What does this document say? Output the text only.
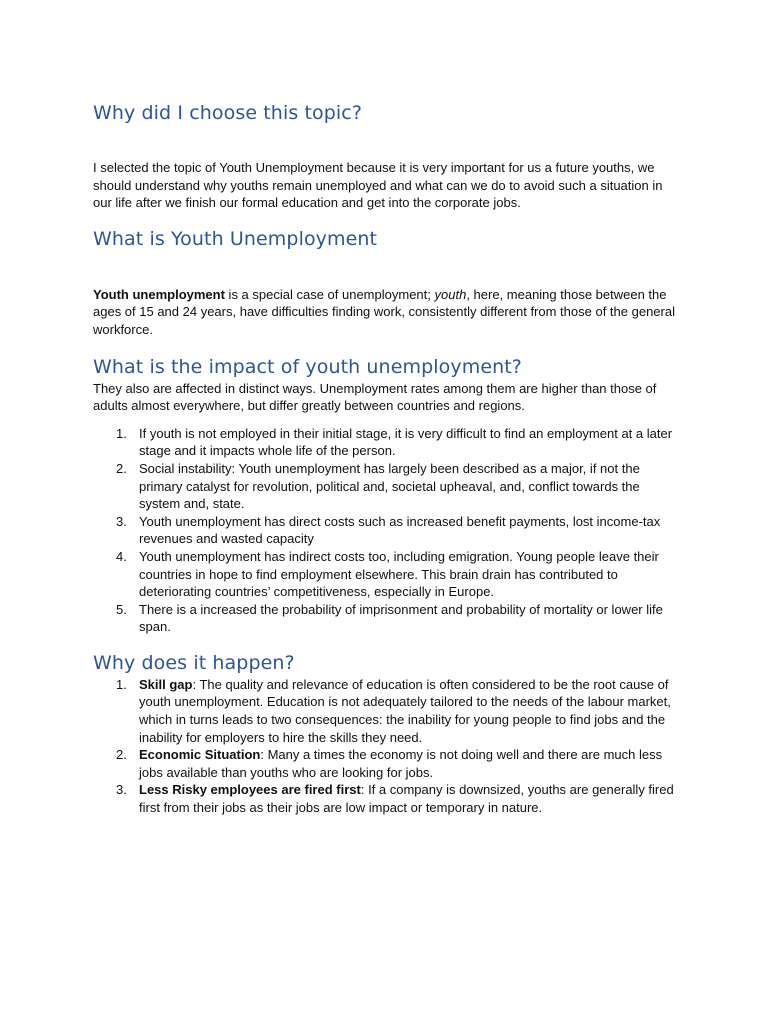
Why did I choose this topic?

I selected the topic of Youth Unemployment because it is very important for us a future youths, we should understand why youths remain unemployed and what can we do to avoid such a situation in our life after we finish our formal education and get into the corporate jobs.

What is Youth Unemployment

Youth unemployment is a special case of unemployment; youth, here, meaning those between the ages of 15 and 24 years, have difficulties finding work, consistently different from those of the general workforce.

What is the impact of youth unemployment?

They also are affected in distinct ways. Unemployment rates among them are higher than those of adults almost everywhere, but differ greatly between countries and regions.

1. If youth is not employed in their initial stage, it is very difficult to find an employment at a later stage and it impacts whole life of the person.
2. Social instability: Youth unemployment has largely been described as a major, if not the primary catalyst for revolution, political and, societal upheaval, and, conflict towards the system and, state.
3. Youth unemployment has direct costs such as increased benefit payments, lost income-tax revenues and wasted capacity
4. Youth unemployment has indirect costs too, including emigration. Young people leave their countries in hope to find employment elsewhere. This brain drain has contributed to deteriorating countries’ competitiveness, especially in Europe.
5. There is a increased the probability of imprisonment and probability of mortality or lower life span.
Why does it happen?
1. Skill gap: The quality and relevance of education is often considered to be the root cause of youth unemployment. Education is not adequately tailored to the needs of the labour market, which in turns leads to two consequences: the inability for young people to find jobs and the inability for employers to hire the skills they need.
2. Economic Situation: Many a times the economy is not doing well and there are much less jobs available than youths who are looking for jobs.
3. Less Risky employees are fired first: If a company is downsized, youths are generally fired first from their jobs as their jobs are low impact or temporary in nature.
